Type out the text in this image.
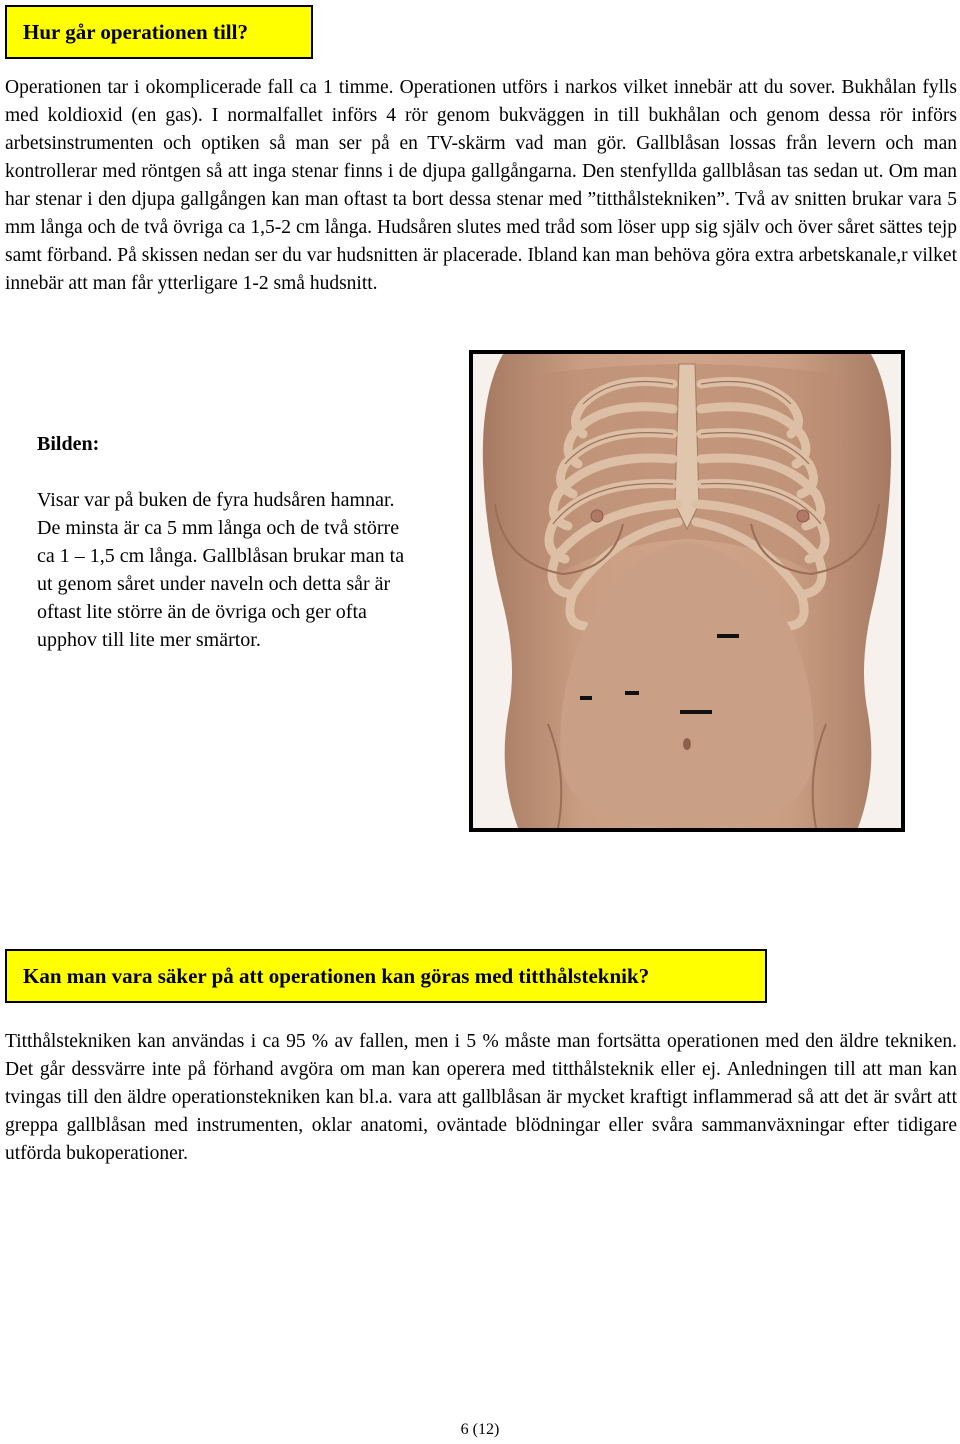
Hur går operationen till?

Operationen tar i okomplicerade fall ca 1 timme. Operationen utförs i narkos vilket innebär att du sover. Bukhålan fylls med koldioxid (en gas). I normalfallet införs 4 rör genom bukväggen in till bukhålan och genom dessa rör införs arbetsinstrumenten och optiken så man ser på en TV-skärm vad man gör. Gallblåsan lossas från levern och man kontrollerar med röntgen så att inga stenar finns i de djupa gallgångarna. Den stenfyllda gallblåsan tas sedan ut. Om man har stenar i den djupa gallgången kan man oftast ta bort dessa stenar med ”titthålstekniken”. Två av snitten brukar vara 5 mm långa och de två övriga ca 1,5-2 cm långa. Hudsåren slutes med tråd som löser upp sig själv och över såret sättes tejp samt förband. På skissen nedan ser du var hudsnitten är placerade. Ibland kan man behöva göra extra arbetskanale,r vilket innebär att man får ytterligare 1-2 små hudsnitt.

Bilden:
Visar var på buken de fyra hudsåren hamnar. De minsta är ca 5 mm långa och de två större ca 1 – 1,5 cm långa. Gallblåsan brukar man ta ut genom såret under naveln och detta sår är oftast lite större än de övriga och ger ofta upphov till lite mer smärtor.
Kan man vara säker på att operationen kan göras med titthålsteknik?

Titthålstekniken kan användas i ca 95 % av fallen, men i 5 % måste man fortsätta operationen med den äldre tekniken. Det går dessvärre inte på förhand avgöra om man kan operera med titthålsteknik eller ej. Anledningen till att man kan tvingas till den äldre operationstekniken kan bl.a. vara att gallblåsan är mycket kraftigt inflammerad så att det är svårt att greppa gallblåsan med instrumenten, oklar anatomi, oväntade blödningar eller svåra sammanväxningar efter tidigare utförda bukoperationer.

6 (12)
